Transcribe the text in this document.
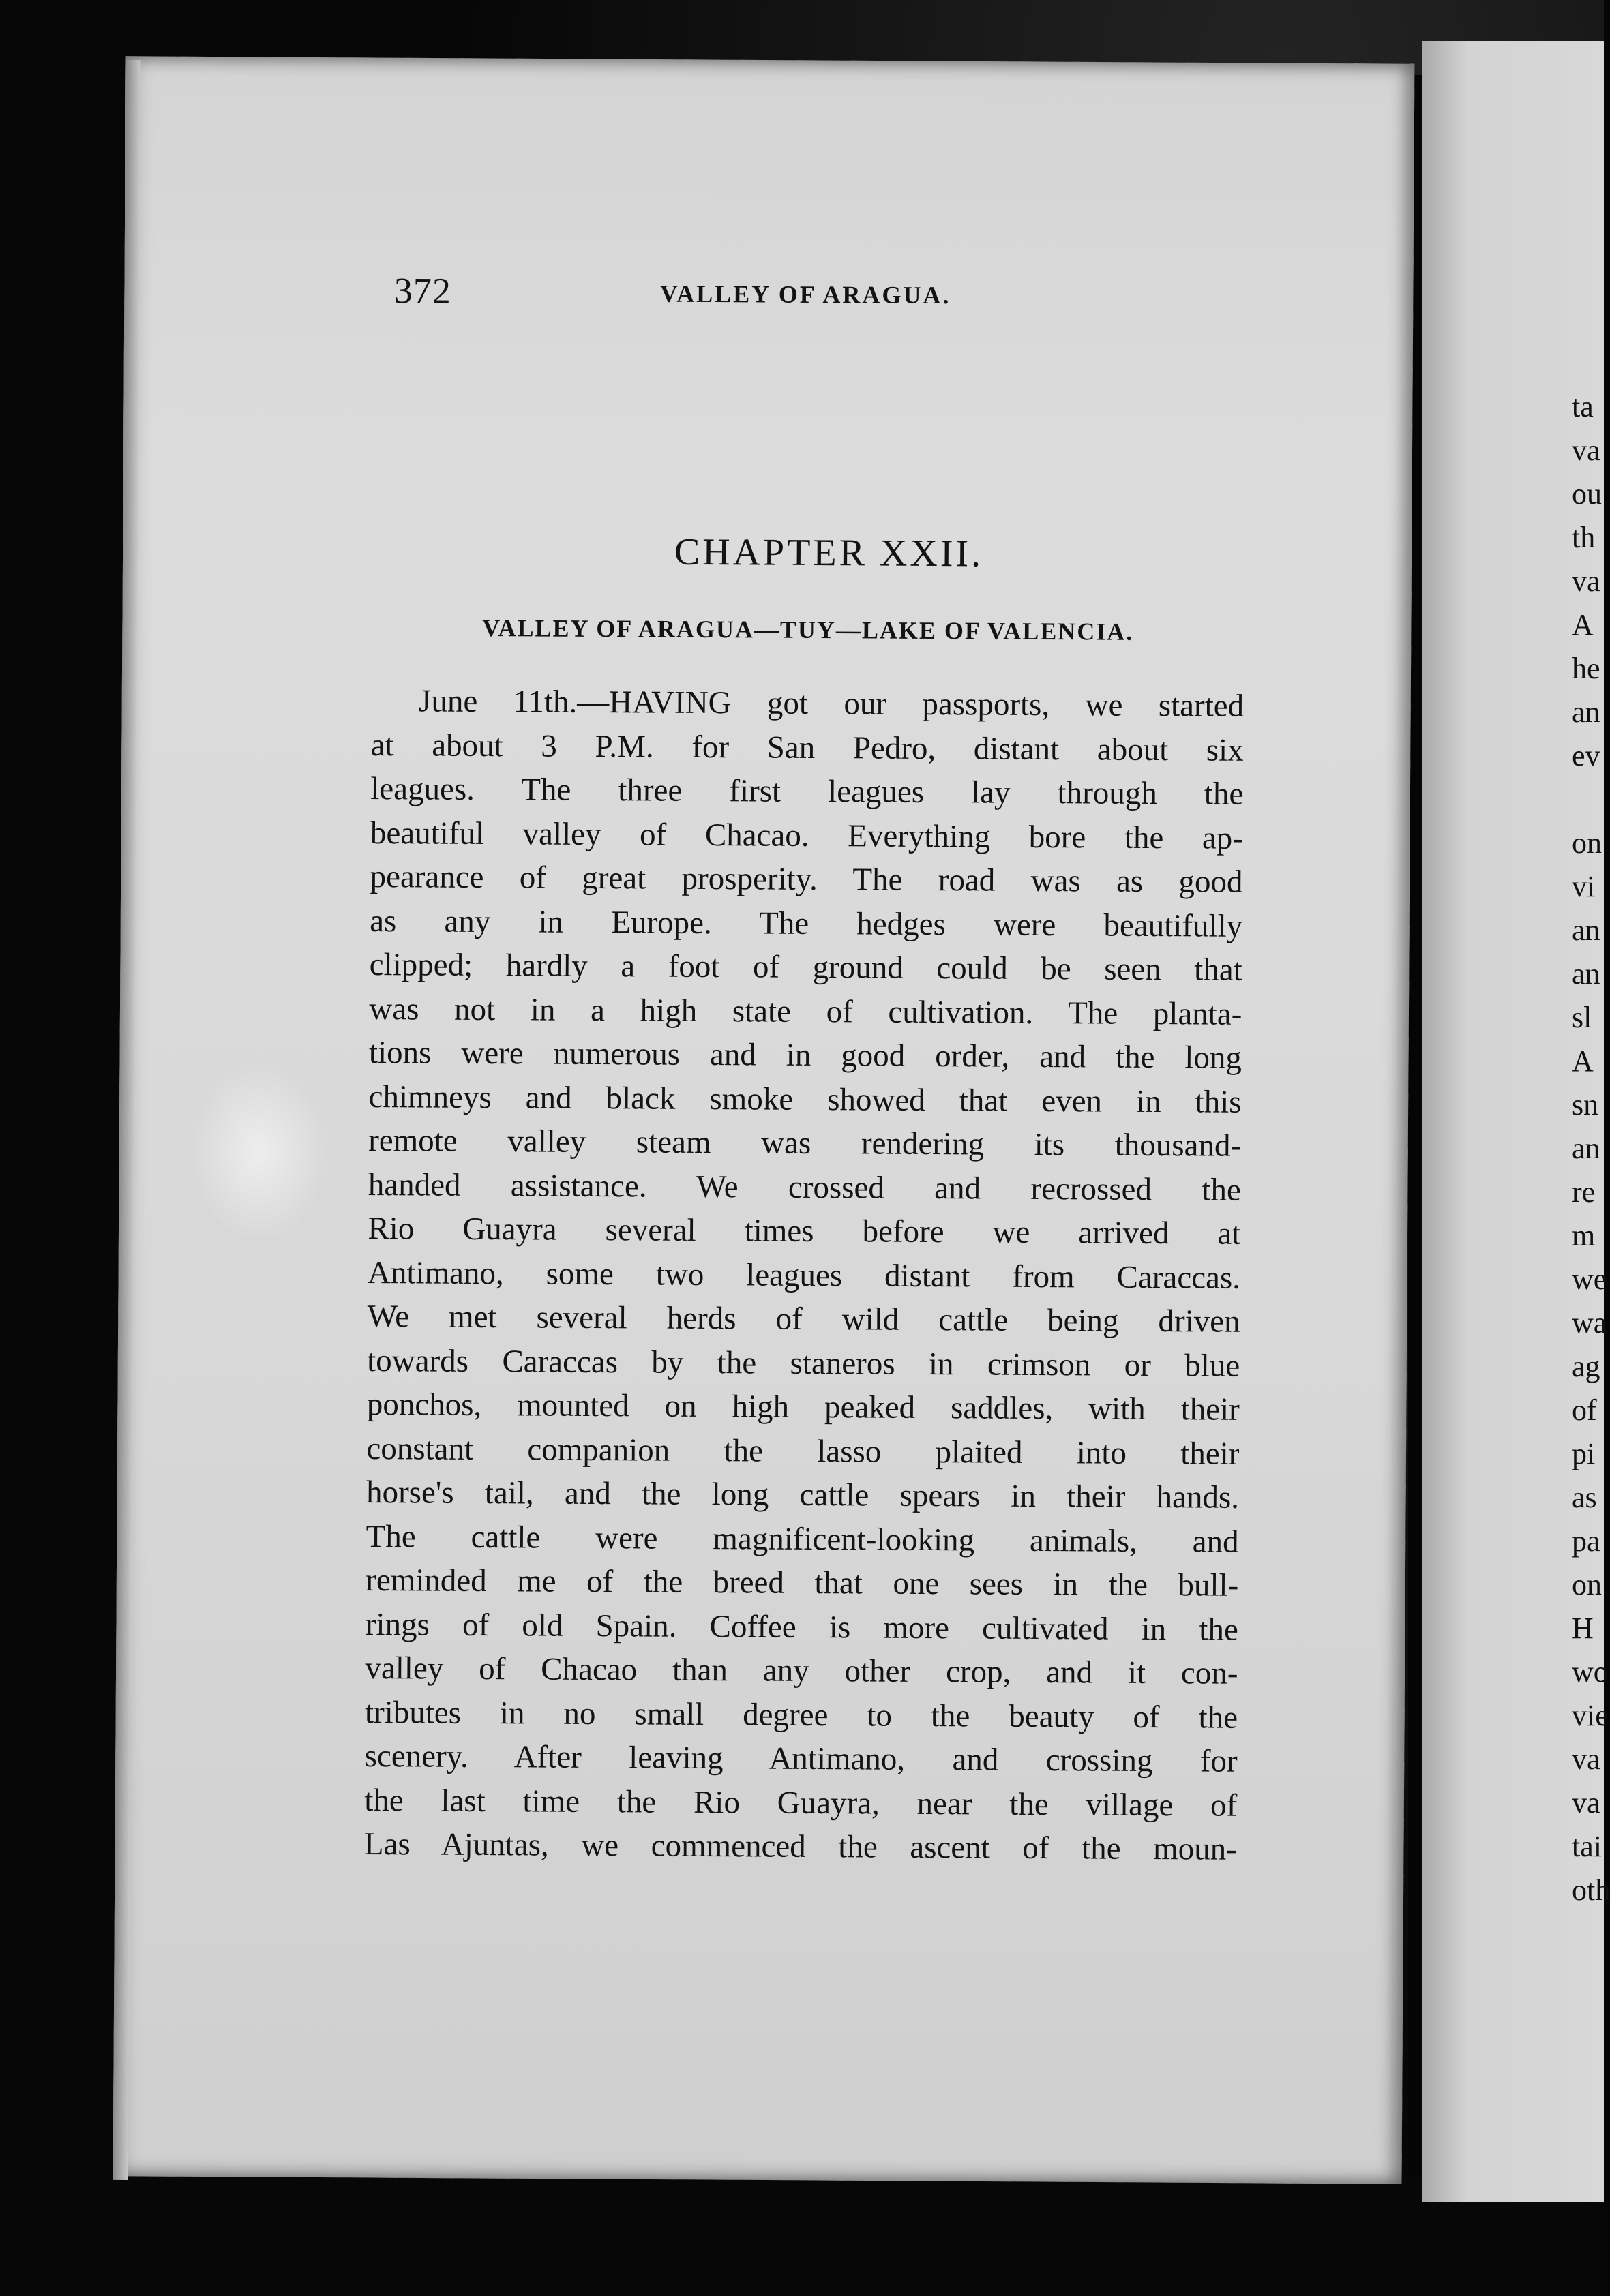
372	VALLEY OF ARAGUA.
CHAPTER XXII.
VALLEY OF ARAGUA—TUY—LAKE OF VALENCIA.
June 11th.—HAVING got our passports, we started
at about 3 P.M. for San Pedro, distant about six
leagues. The three first leagues lay through the
beautiful valley of Chacao. Everything bore the ap-
pearance of great prosperity. The road was as good
as any in Europe. The hedges were beautifully
clipped; hardly a foot of ground could be seen that
was not in a high state of cultivation. The planta-
tions were numerous and in good order, and the long
chimneys and black smoke showed that even in this
remote valley steam was rendering its thousand-
handed assistance. We crossed and recrossed the
Rio Guayra several times before we arrived at
Antimano, some two leagues distant from Caraccas.
We met several herds of wild cattle being driven
towards Caraccas by the staneros in crimson or blue
ponchos, mounted on high peaked saddles, with their
constant companion the lasso plaited into their
horse's tail, and the long cattle spears in their hands.
The cattle were magnificent-looking animals, and
reminded me of the breed that one sees in the bull-
rings of old Spain. Coffee is more cultivated in the
valley of Chacao than any other crop, and it con-
tributes in no small degree to the beauty of the
scenery. After leaving Antimano, and crossing for
the last time the Rio Guayra, near the village of
Las Ajuntas, we commenced the ascent of the moun-
ta
va
ou
th
va
A
he
an
ev

on
vi
an
an
sl
A
sn
an
re
m
we
wa
ag
of
pi
as
pa
on
H
wo
vie
va
va
tai
oth
